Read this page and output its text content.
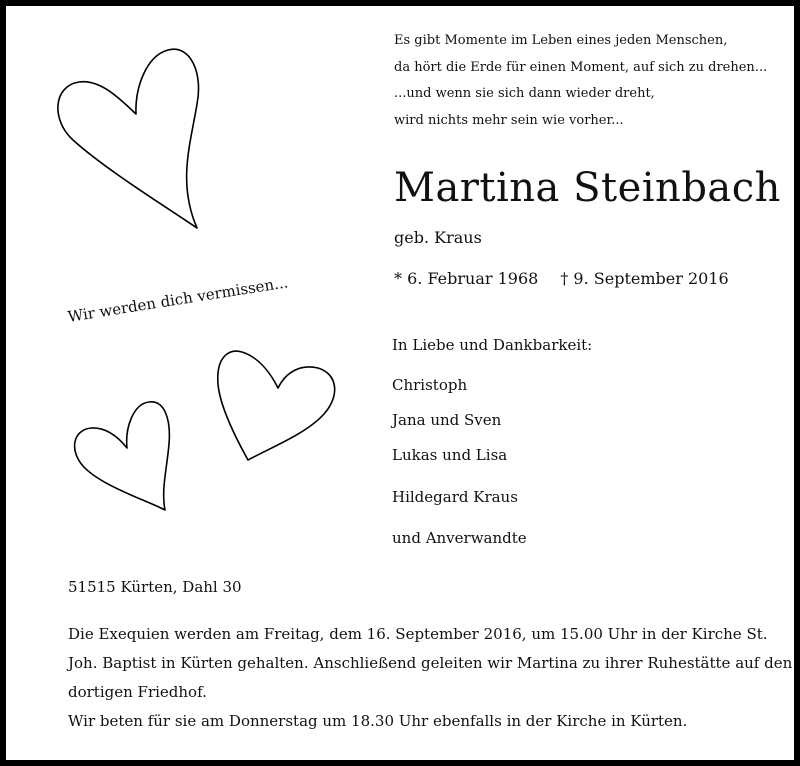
Es gibt Momente im Leben eines jeden Menschen,
da hört die Erde für einen Moment, auf sich zu drehen...
...und wenn sie sich dann wieder dreht,
wird nichts mehr sein wie vorher...
Martina Steinbach
geb. Kraus
* 6. Februar 1968 † 9. September 2016
Wir werden dich vermissen...
In Liebe und Dankbarkeit:
Christoph
Jana und Sven
Lukas und Lisa
Hildegard Kraus
und Anverwandte
51515 Kürten, Dahl 30
Die Exequien werden am Freitag, dem 16. September 2016, um 15.00 Uhr in der Kirche St.
Joh. Baptist in Kürten gehalten. Anschließend geleiten wir Martina zu ihrer Ruhestätte auf den
dortigen Friedhof.
Wir beten für sie am Donnerstag um 18.30 Uhr ebenfalls in der Kirche in Kürten.
